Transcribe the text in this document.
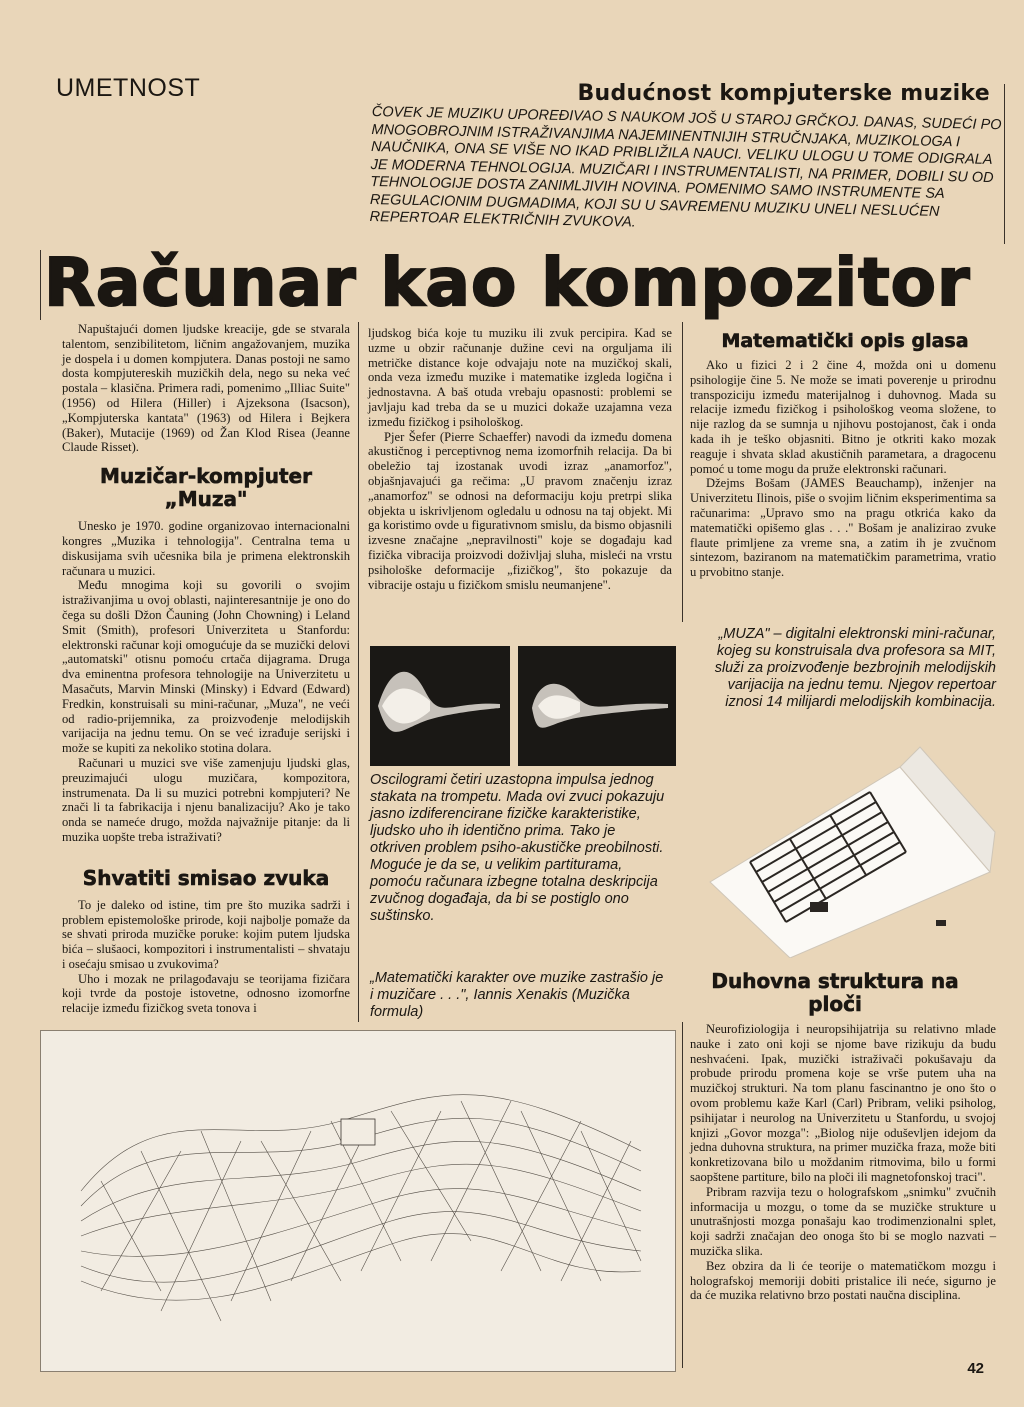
UMETNOST	Budućnost kompjuterske muzike
ČOVEK JE MUZIKU UPOREĐIVAO S NAUKOM JOŠ U STAROJ GRČKOJ. DANAS, SUDEĆI PO MNOGOBROJNIM ISTRAŽIVANJIMA NAJEMINENTNIJIH STRUČNJAKA, MUZIKOLOGA I NAUČNIKA, ONA SE VIŠE NO IKAD PRIBLIŽILA NAUCI. VELIKU ULOGU U TOME ODIGRALA JE MODERNA TEHNOLOGIJA. MUZIČARI I INSTRUMENTALISTI, NA PRIMER, DOBILI SU OD TEHNOLOGIJE DOSTA ZANIMLJIVIH NOVINA. POMENIMO SAMO INSTRUMENTE SA REGULACIONIM DUGMADIMA, KOJI SU U SAVREMENU MUZIKU UNELI NESLUĆEN REPERTOAR ELEKTRIČNIH ZVUKOVA.
Računar kao kompozitor

Napuštajući domen ljudske kreacije, gde se stvarala talentom, senzibilitetom, ličnim angažovanjem, muzika je dospela i u domen kompjutera. Danas postoji ne samo dosta kompjutereskih muzičkih dela, nego su neka već postala – klasična. Primera radi, pomenimo „Illiac Suite" (1956) od Hilera (Hiller) i Ajzeksona (Isacson), „Kompjuterska kantata" (1963) od Hilera i Bejkera (Baker), Mutacije (1969) od Žan Klod Risea (Jeanne Claude Risset).

Muzičar-kompjuter „Muza"

Unesko je 1970. godine organizovao internacionalni kongres „Muzika i tehnologija". Centralna tema u diskusijama svih učesnika bila je primena elektronskih računara u muzici.

Među mnogima koji su govorili o svojim istraživanjima u ovoj oblasti, najinteresantnije je ono do čega su došli Džon Čauning (John Chowning) i Leland Smit (Smith), profesori Univerziteta u Stanfordu: elektronski računar koji omogućuje da se muzički delovi „automatski" otisnu pomoću crtača dijagrama. Druga dva eminentna profesora tehnologije na Univerzitetu u Masačuts, Marvin Minski (Minsky) i Edvard (Edward) Fredkin, konstruisali su mini-računar, „Muza", ne veći od radio-prijemnika, za proizvođenje melodijskih varijacija na jednu temu. On se već izrađuje serijski i može se kupiti za nekoliko stotina dolara.

Računari u muzici sve više zamenjuju ljudski glas, preuzimajući ulogu muzičara, kompozitora, instrumenata. Da li su muzici potrebni kompjuteri? Ne znači li ta fabrikacija i njenu banalizaciju? Ako je tako onda se nameće drugo, možda najvažnije pitanje: da li muzika uopšte treba istraživati?

Shvatiti smisao zvuka

To je daleko od istine, tim pre što muzika sadrži i problem epistemološke prirode, koji najbolje pomaže da se shvati priroda muzičke poruke: kojim putem ljudska bića – slušaoci, kompozitori i instrumentalisti – shvataju i osećaju smisao u zvukovima?

Uho i mozak ne prilagođavaju se teorijama fizičara koji tvrde da postoje istovetne, odnosno izomorfne relacije između fizičkog sveta tonova i

ljudskog bića koje tu muziku ili zvuk percipira. Kad se uzme u obzir računanje dužine cevi na orguljama ili metričke distance koje odvajaju note na muzičkoj skali, onda veza između muzike i matematike izgleda logična i jednostavna. A baš otuda vrebaju opasnosti: problemi se javljaju kad treba da se u muzici dokaže uzajamna veza između fizičkog i psihološkog.

Pjer Šefer (Pierre Schaeffer) navodi da između domena akustičnog i perceptivnog nema izomorfnih relacija. Da bi obeležio taj izostanak uvodi izraz „anamorfoz", objašnjavajući ga rečima: „U pravom značenju izraz „anamorfoz" se odnosi na deformaciju koju pretrpi slika objekta u iskrivljenom ogledalu u odnosu na taj objekt. Mi ga koristimo ovde u figurativnom smislu, da bismo objasnili izvesne značajne „nepravilnosti" koje se događaju kad fizička vibracija proizvodi doživljaj sluha, misleći na vrstu psihološke deformacije „fizičkog", što pokazuje da vibracije ostaju u fizičkom smislu neumanjene".

Oscilogrami četiri uzastopna impulsa jednog stakata na trompetu. Mada ovi zvuci pokazuju jasno izdiferencirane fizičke karakteristike, ljudsko uho ih identično prima. Tako je otkriven problem psiho-akustičke preobilnosti. Moguće je da se, u velikim partiturama, pomoću računara izbegne totalna deskripcija zvučnog događaja, da bi se postiglo ono suštinsko.
„Matematički karakter ove muzike zastrašio je i muzičare . . .", Iannis Xenakis (Muzička formula)
Matematički opis glasa

Ako u fizici 2 i 2 čine 4, možda oni u domenu psihologije čine 5. Ne može se imati poverenje u prirodnu transpoziciju između materijalnog i duhovnog. Mada su relacije između fizičkog i psihološkog veoma složene, to nije razlog da se sumnja u njihovu postojanost, čak i onda kada ih je teško objasniti. Bitno je otkriti kako mozak reaguje i shvata sklad akustičnih parametara, a dragocenu pomoć u tome mogu da pruže elektronski računari.

Džejms Bošam (JAMES Beauchamp), inženjer na Univerzitetu Ilinois, piše o svojim ličnim eksperimentima sa računarima: „Upravo smo na pragu otkrića kako da matematički opišemo glas . . ." Bošam je analizirao zvuke flaute primljene za vreme sna, a zatim ih je zvučnom sintezom, baziranom na matematičkim parametrima, vratio u prvobitno stanje.

„MUZA" – digitalni elektronski mini-računar, kojeg su konstruisala dva profesora sa MIT, služi za proizvođenje bezbrojnih melodijskih varijacija na jednu temu. Njegov repertoar iznosi 14 milijardi melodijskih kombinacija.
Duhovna struktura na ploči

Neurofiziologija i neuropsihijatrija su relativno mlade nauke i zato oni koji se njome bave rizikuju da budu neshvaćeni. Ipak, muzički istraživači pokušavaju da probude prirodu promena koje se vrše putem uha na muzičkoj strukturi. Na tom planu fascinantno je ono što o ovom problemu kaže Karl (Carl) Pribram, veliki psiholog, psihijatar i neurolog na Univerzitetu u Stanfordu, u svojoj knjizi „Govor mozga": „Biolog nije oduševljen idejom da jedna duhovna struktura, na primer muzička fraza, može biti konkretizovana bilo u moždanim ritmovima, bilo u formi saopštene partiture, bilo na ploči ili magnetofonskoj traci".

Pribram razvija tezu o holografskom „snimku" zvučnih informacija u mozgu, o tome da se muzičke strukture u unutrašnjosti mozga ponašaju kao trodimenzionalni splet, koji sadrži značajan deo onoga što bi se moglo nazvati – muzička slika.

Bez obzira da li će teorije o matematičkom mozgu i holografskoj memoriji dobiti pristalice ili neće, sigurno je da će muzika relativno brzo postati naučna disciplina.

42
